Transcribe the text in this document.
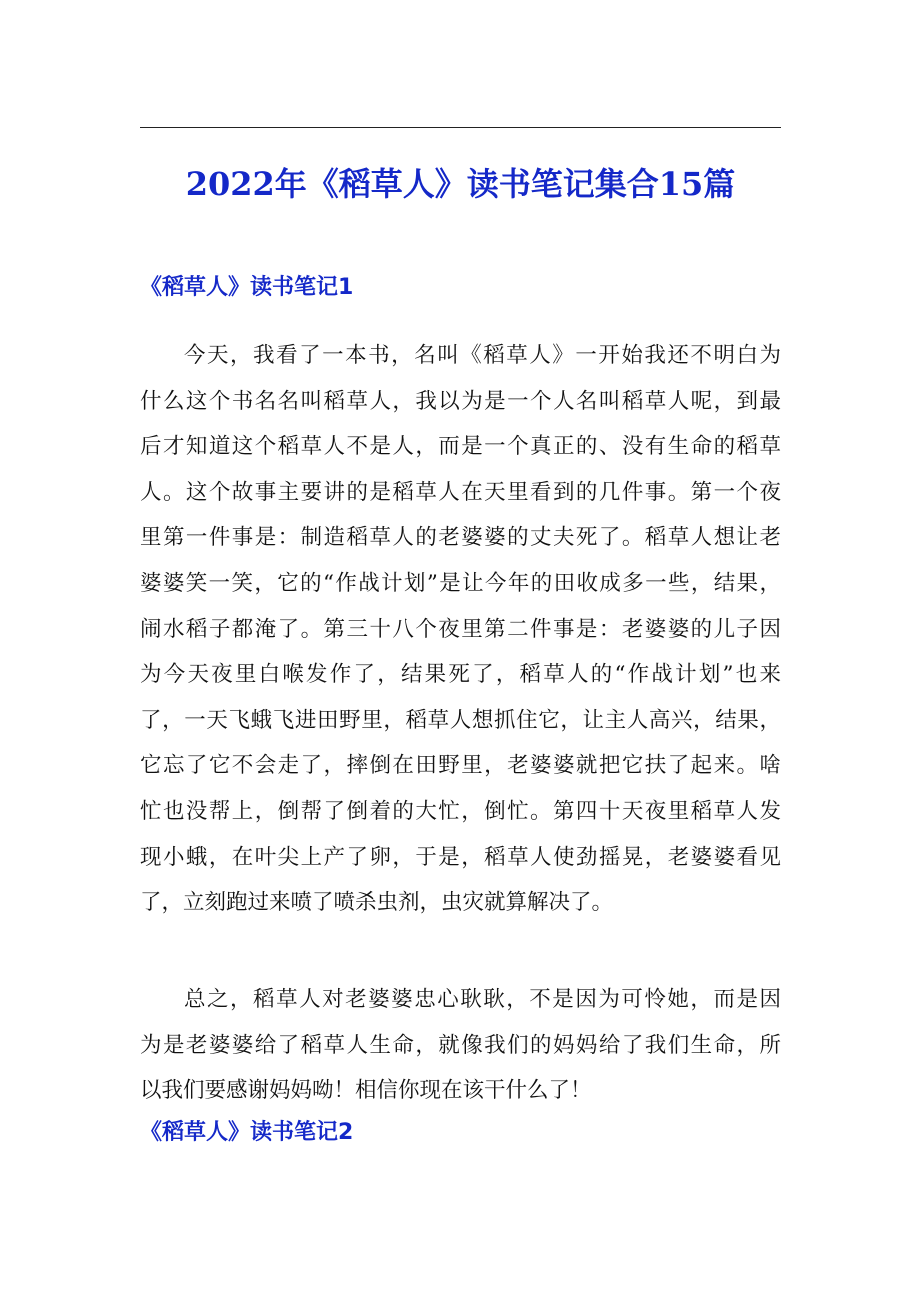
2022年《稻草人》读书笔记集合15篇
《稻草人》读书笔记1
今天，我看了一本书，名叫《稻草人》一开始我还不明白为
什么这个书名名叫稻草人，我以为是一个人名叫稻草人呢，到最
后才知道这个稻草人不是人，而是一个真正的、没有生命的稻草
人。这个故事主要讲的是稻草人在天里看到的几件事。第一个夜
里第一件事是：制造稻草人的老婆婆的丈夫死了。稻草人想让老
婆婆笑一笑，它的“作战计划”是让今年的田收成多一些，结果，
闹水稻子都淹了。第三十八个夜里第二件事是：老婆婆的儿子因
为今天夜里白喉发作了，结果死了，稻草人的“作战计划”也来
了，一天飞蛾飞进田野里，稻草人想抓住它，让主人高兴，结果，
它忘了它不会走了，摔倒在田野里，老婆婆就把它扶了起来。啥
忙也没帮上，倒帮了倒着的大忙，倒忙。第四十天夜里稻草人发
现小蛾，在叶尖上产了卵，于是，稻草人使劲摇晃，老婆婆看见
了，立刻跑过来喷了喷杀虫剂，虫灾就算解决了。
总之，稻草人对老婆婆忠心耿耿，不是因为可怜她，而是因
为是老婆婆给了稻草人生命，就像我们的妈妈给了我们生命，所
以我们要感谢妈妈呦！相信你现在该干什么了！
《稻草人》读书笔记2
